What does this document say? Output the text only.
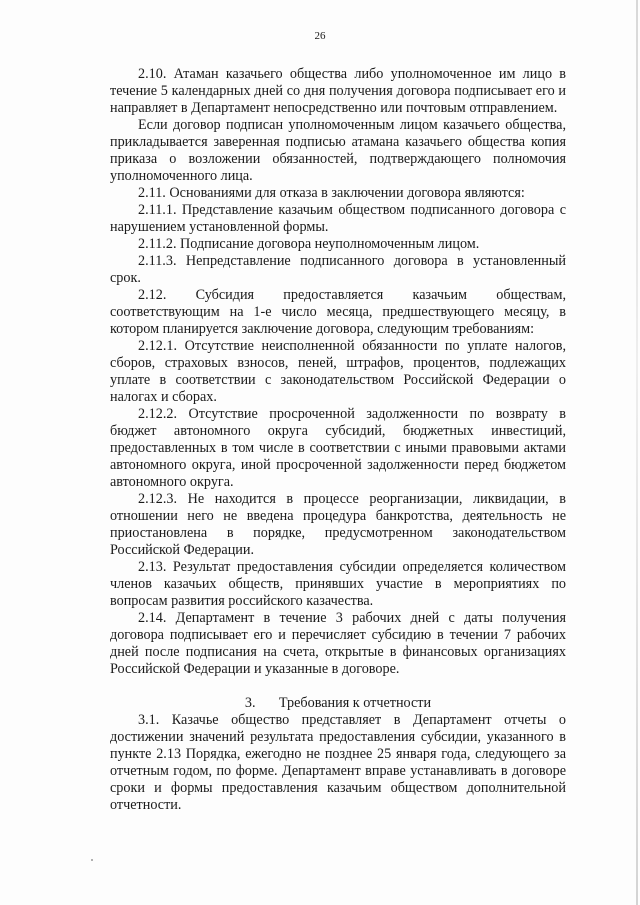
26

2.10. Атаман казачьего общества либо уполномоченное им лицо в течение 5 календарных дней со дня получения договора подписывает его и направляет в Департамент непосредственно или почтовым отправлением.

Если договор подписан уполномоченным лицом казачьего общества, прикладывается заверенная подписью атамана казачьего общества копия приказа о возложении обязанностей, подтверждающего полномочия уполномоченного лица.

2.11. Основаниями для отказа в заключении договора являются:

2.11.1. Представление казачьим обществом подписанного договора с нарушением установленной формы.

2.11.2. Подписание договора неуполномоченным лицом.

2.11.3. Непредставление подписанного договора в установленный срок.

2.12. Субсидия предоставляется казачьим обществам, соответствующим на 1-е число месяца, предшествующего месяцу, в котором планируется заключение договора, следующим требованиям:

2.12.1. Отсутствие неисполненной обязанности по уплате налогов, сборов, страховых взносов, пеней, штрафов, процентов, подлежащих уплате в соответствии с законодательством Российской Федерации о налогах и сборах.

2.12.2. Отсутствие просроченной задолженности по возврату в бюджет автономного округа субсидий, бюджетных инвестиций, предоставленных в том числе в соответствии с иными правовыми актами автономного округа, иной просроченной задолженности перед бюджетом автономного округа.

2.12.3. Не находится в процессе реорганизации, ликвидации, в отношении него не введена процедура банкротства, деятельность не приостановлена в порядке, предусмотренном законодательством Российской Федерации.

2.13. Результат предоставления субсидии определяется количеством членов казачьих обществ, принявших участие в мероприятиях по вопросам развития российского казачества.

2.14. Департамент в течение 3 рабочих дней с даты получения договора подписывает его и перечисляет субсидию в течении 7 рабочих дней после подписания на счета, открытые в финансовых организациях Российской Федерации и указанные в договоре.

3. Требования к отчетности

3.1. Казачье общество представляет в Департамент отчеты о достижении значений результата предоставления субсидии, указанного в пункте 2.13 Порядка, ежегодно не позднее 25 января года, следующего за отчетным годом, по форме. Департамент вправе устанавливать в договоре сроки и формы предоставления казачьим обществом дополнительной отчетности.
